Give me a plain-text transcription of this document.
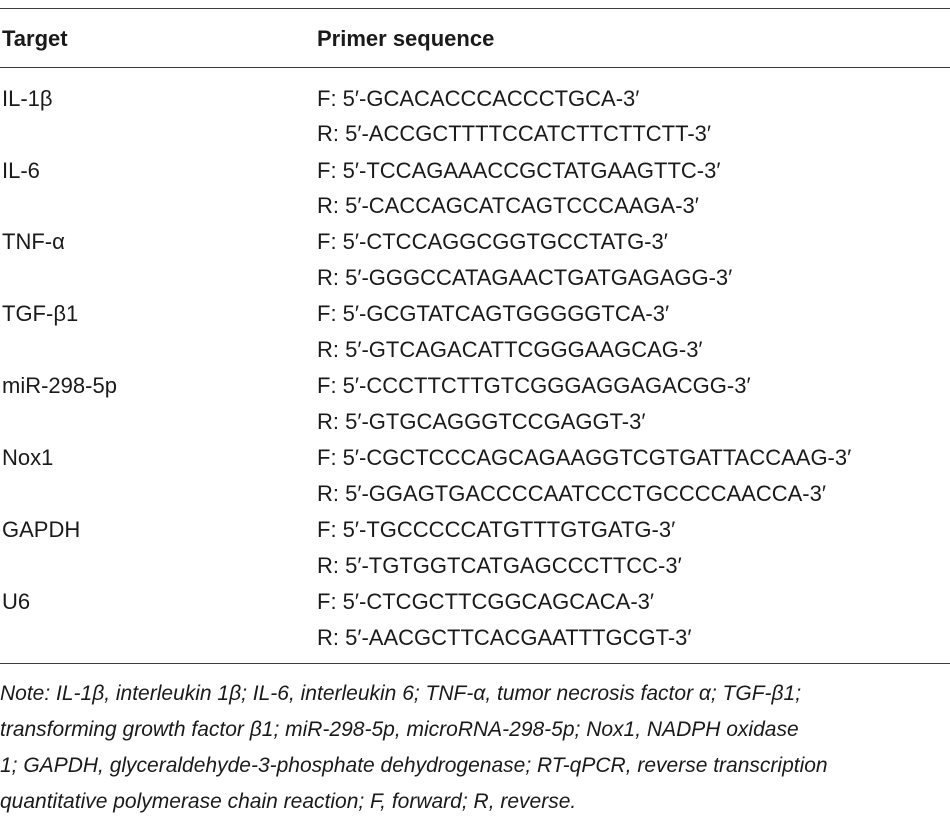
Target	Primer sequence
IL-1β	F: 5′-GCACACCCACCCTGCA-3′
R: 5′-ACCGCTTTTCCATCTTCTTCTT-3′
IL-6	F: 5′-TCCAGAAACCGCTATGAAGTTC-3′
R: 5′-CACCAGCATCAGTCCCAAGA-3′
TNF-α	F: 5′-CTCCAGGCGGTGCCTATG-3′
R: 5′-GGGCCATAGAACTGATGAGAGG-3′
TGF-β1	F: 5′-GCGTATCAGTGGGGGTCA-3′
R: 5′-GTCAGACATTCGGGAAGCAG-3′
miR-298-5p	F: 5′-CCCTTCTTGTCGGGAGGAGACGG-3′
R: 5′-GTGCAGGGTCCGAGGT-3′
Nox1	F: 5′-CGCTCCCAGCAGAAGGTCGTGATTACCAAG-3′
R: 5′-GGAGTGACCCCAATCCCTGCCCCAACCA-3′
GAPDH	F: 5′-TGCCCCCATGTTTGTGATG-3′
R: 5′-TGTGGTCATGAGCCCTTCC-3′
U6	F: 5′-CTCGCTTCGGCAGCACA-3′
R: 5′-AACGCTTCACGAATTTGCGT-3′

Note: IL-1β, interleukin 1β; IL-6, interleukin 6; TNF-α, tumor necrosis factor α; TGF-β1;

transforming growth factor β1; miR-298-5p, microRNA-298-5p; Nox1, NADPH oxidase

1; GAPDH, glyceraldehyde-3-phosphate dehydrogenase; RT-qPCR, reverse transcription

quantitative polymerase chain reaction; F, forward; R, reverse.
